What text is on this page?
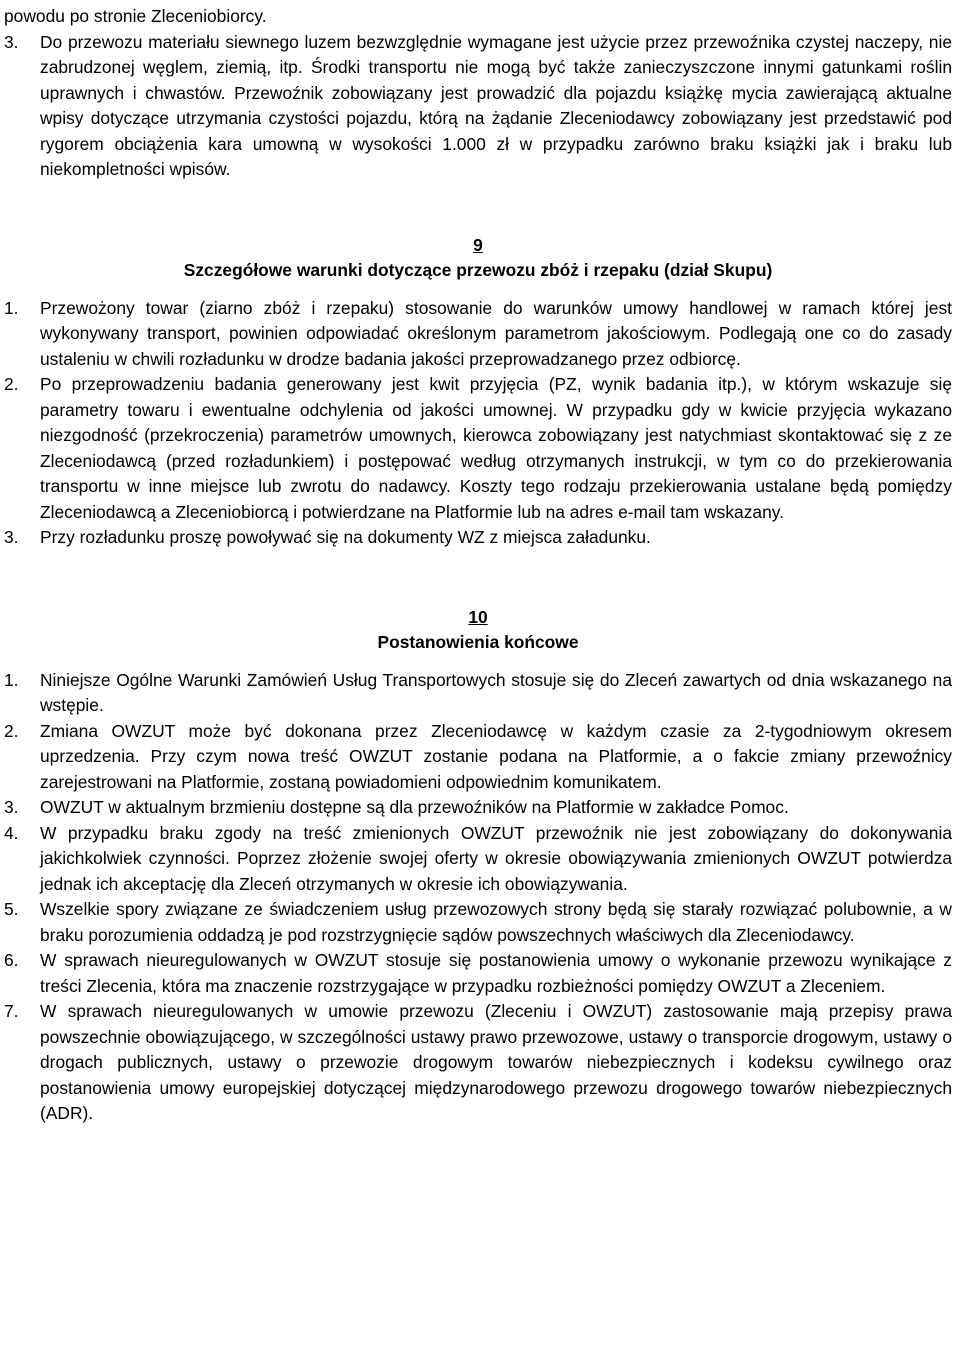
powodu po stronie Zleceniobiorcy.
3.	Do przewozu materiału siewnego luzem bezwzględnie wymagane jest użycie przez przewoźnika czystej naczepy, nie zabrudzonej węglem, ziemią, itp. Środki transportu nie mogą być także zanieczyszczone innymi gatunkami roślin uprawnych i chwastów. Przewoźnik zobowiązany jest prowadzić dla pojazdu książkę mycia zawierającą aktualne wpisy dotyczące utrzymania czystości pojazdu, którą na żądanie Zleceniodawcy zobowiązany jest przedstawić pod rygorem obciążenia kara umowną w wysokości 1.000 zł w przypadku zarówno braku książki jak i braku lub niekompletności wpisów.
9
Szczegółowe warunki dotyczące przewozu zbóż i rzepaku (dział Skupu)
1.	Przewożony towar (ziarno zbóż i rzepaku) stosowanie do warunków umowy handlowej w ramach której jest wykonywany transport, powinien odpowiadać określonym parametrom jakościowym. Podlegają one co do zasady ustaleniu w chwili rozładunku w drodze badania jakości przeprowadzanego przez odbiorcę.
2.	Po przeprowadzeniu badania generowany jest kwit przyjęcia (PZ, wynik badania itp.), w którym wskazuje się parametry towaru i ewentualne odchylenia od jakości umownej. W przypadku gdy w kwicie przyjęcia wykazano niezgodność (przekroczenia) parametrów umownych, kierowca zobowiązany jest natychmiast skontaktować się z ze Zleceniodawcą (przed rozładunkiem) i postępować według otrzymanych instrukcji, w tym co do przekierowania transportu w inne miejsce lub zwrotu do nadawcy. Koszty tego rodzaju przekierowania ustalane będą pomiędzy Zleceniodawcą a Zleceniobiorcą i potwierdzane na Platformie lub na adres e-mail tam wskazany.
3.	Przy rozładunku proszę powoływać się na dokumenty WZ z miejsca załadunku.
10
Postanowienia końcowe
1.	Niniejsze Ogólne Warunki Zamówień Usług Transportowych stosuje się do Zleceń zawartych od dnia wskazanego na wstępie.
2.	Zmiana OWZUT może być dokonana przez Zleceniodawcę w każdym czasie za 2-tygodniowym okresem uprzedzenia. Przy czym nowa treść OWZUT zostanie podana na Platformie, a o fakcie zmiany przewoźnicy zarejestrowani na Platformie, zostaną powiadomieni odpowiednim komunikatem.
3.	OWZUT w aktualnym brzmieniu dostępne są dla przewoźników na Platformie w zakładce Pomoc.
4.	W przypadku braku zgody na treść zmienionych OWZUT przewoźnik nie jest zobowiązany do dokonywania jakichkolwiek czynności. Poprzez złożenie swojej oferty w okresie obowiązywania zmienionych OWZUT potwierdza jednak ich akceptację dla Zleceń otrzymanych w okresie ich obowiązywania.
5.	Wszelkie spory związane ze świadczeniem usług przewozowych strony będą się starały rozwiązać polubownie, a w braku porozumienia oddadzą je pod rozstrzygnięcie sądów powszechnych właściwych dla Zleceniodawcy.
6.	W sprawach nieuregulowanych w OWZUT stosuje się postanowienia umowy o wykonanie przewozu wynikające z treści Zlecenia, która ma znaczenie rozstrzygające w przypadku rozbieżności pomiędzy OWZUT a Zleceniem.
7.	W sprawach nieuregulowanych w umowie przewozu (Zleceniu i OWZUT) zastosowanie mają przepisy prawa powszechnie obowiązującego, w szczególności ustawy prawo przewozowe, ustawy o transporcie drogowym, ustawy o drogach publicznych, ustawy o przewozie drogowym towarów niebezpiecznych i kodeksu cywilnego oraz postanowienia umowy europejskiej dotyczącej międzynarodowego przewozu drogowego towarów niebezpiecznych (ADR).
